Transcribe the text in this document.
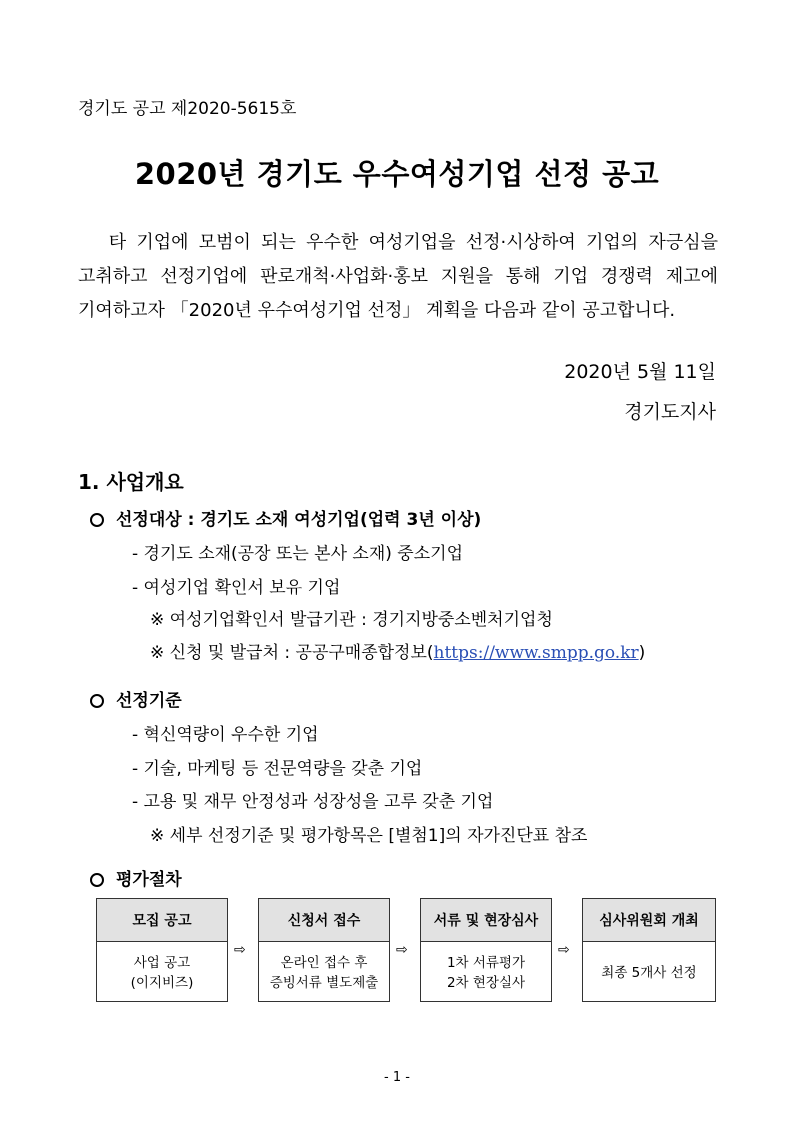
경기도 공고 제2020-5615호
2020년 경기도 우수여성기업 선정 공고

타 기업에 모범이 되는 우수한 여성기업을 선정·시상하여 기업의 자긍심을

고취하고 선정기업에 판로개척·사업화·홍보 지원을 통해 기업 경쟁력 제고에

기여하고자 「2020년 우수여성기업 선정」 계획을 다음과 같이 공고합니다.

2020년 5월 11일
경기도지사
1. 사업개요
선정대상 : 경기도 소재 여성기업(업력 3년 이상)
- 경기도 소재(공장 또는 본사 소재) 중소기업
- 여성기업 확인서 보유 기업
※ 여성기업확인서 발급기관 : 경기지방중소벤처기업청
※ 신청 및 발급처 : 공공구매종합정보(https://www.smpp.go.kr)
선정기준
- 혁신역량이 우수한 기업
- 기술, 마케팅 등 전문역량을 갖춘 기업
- 고용 및 재무 안정성과 성장성을 고루 갖춘 기업
※ 세부 선정기준 및 평가항목은 [별첨1]의 자가진단표 참조
평가절차
모집 공고
사업 공고
(이지비즈)
⇨
신청서 접수
온라인 접수 후
증빙서류 별도제출
⇨
서류 및 현장심사
1차 서류평가
2차 현장실사
⇨
심사위원회 개최
최종 5개사 선정
- 1 -
